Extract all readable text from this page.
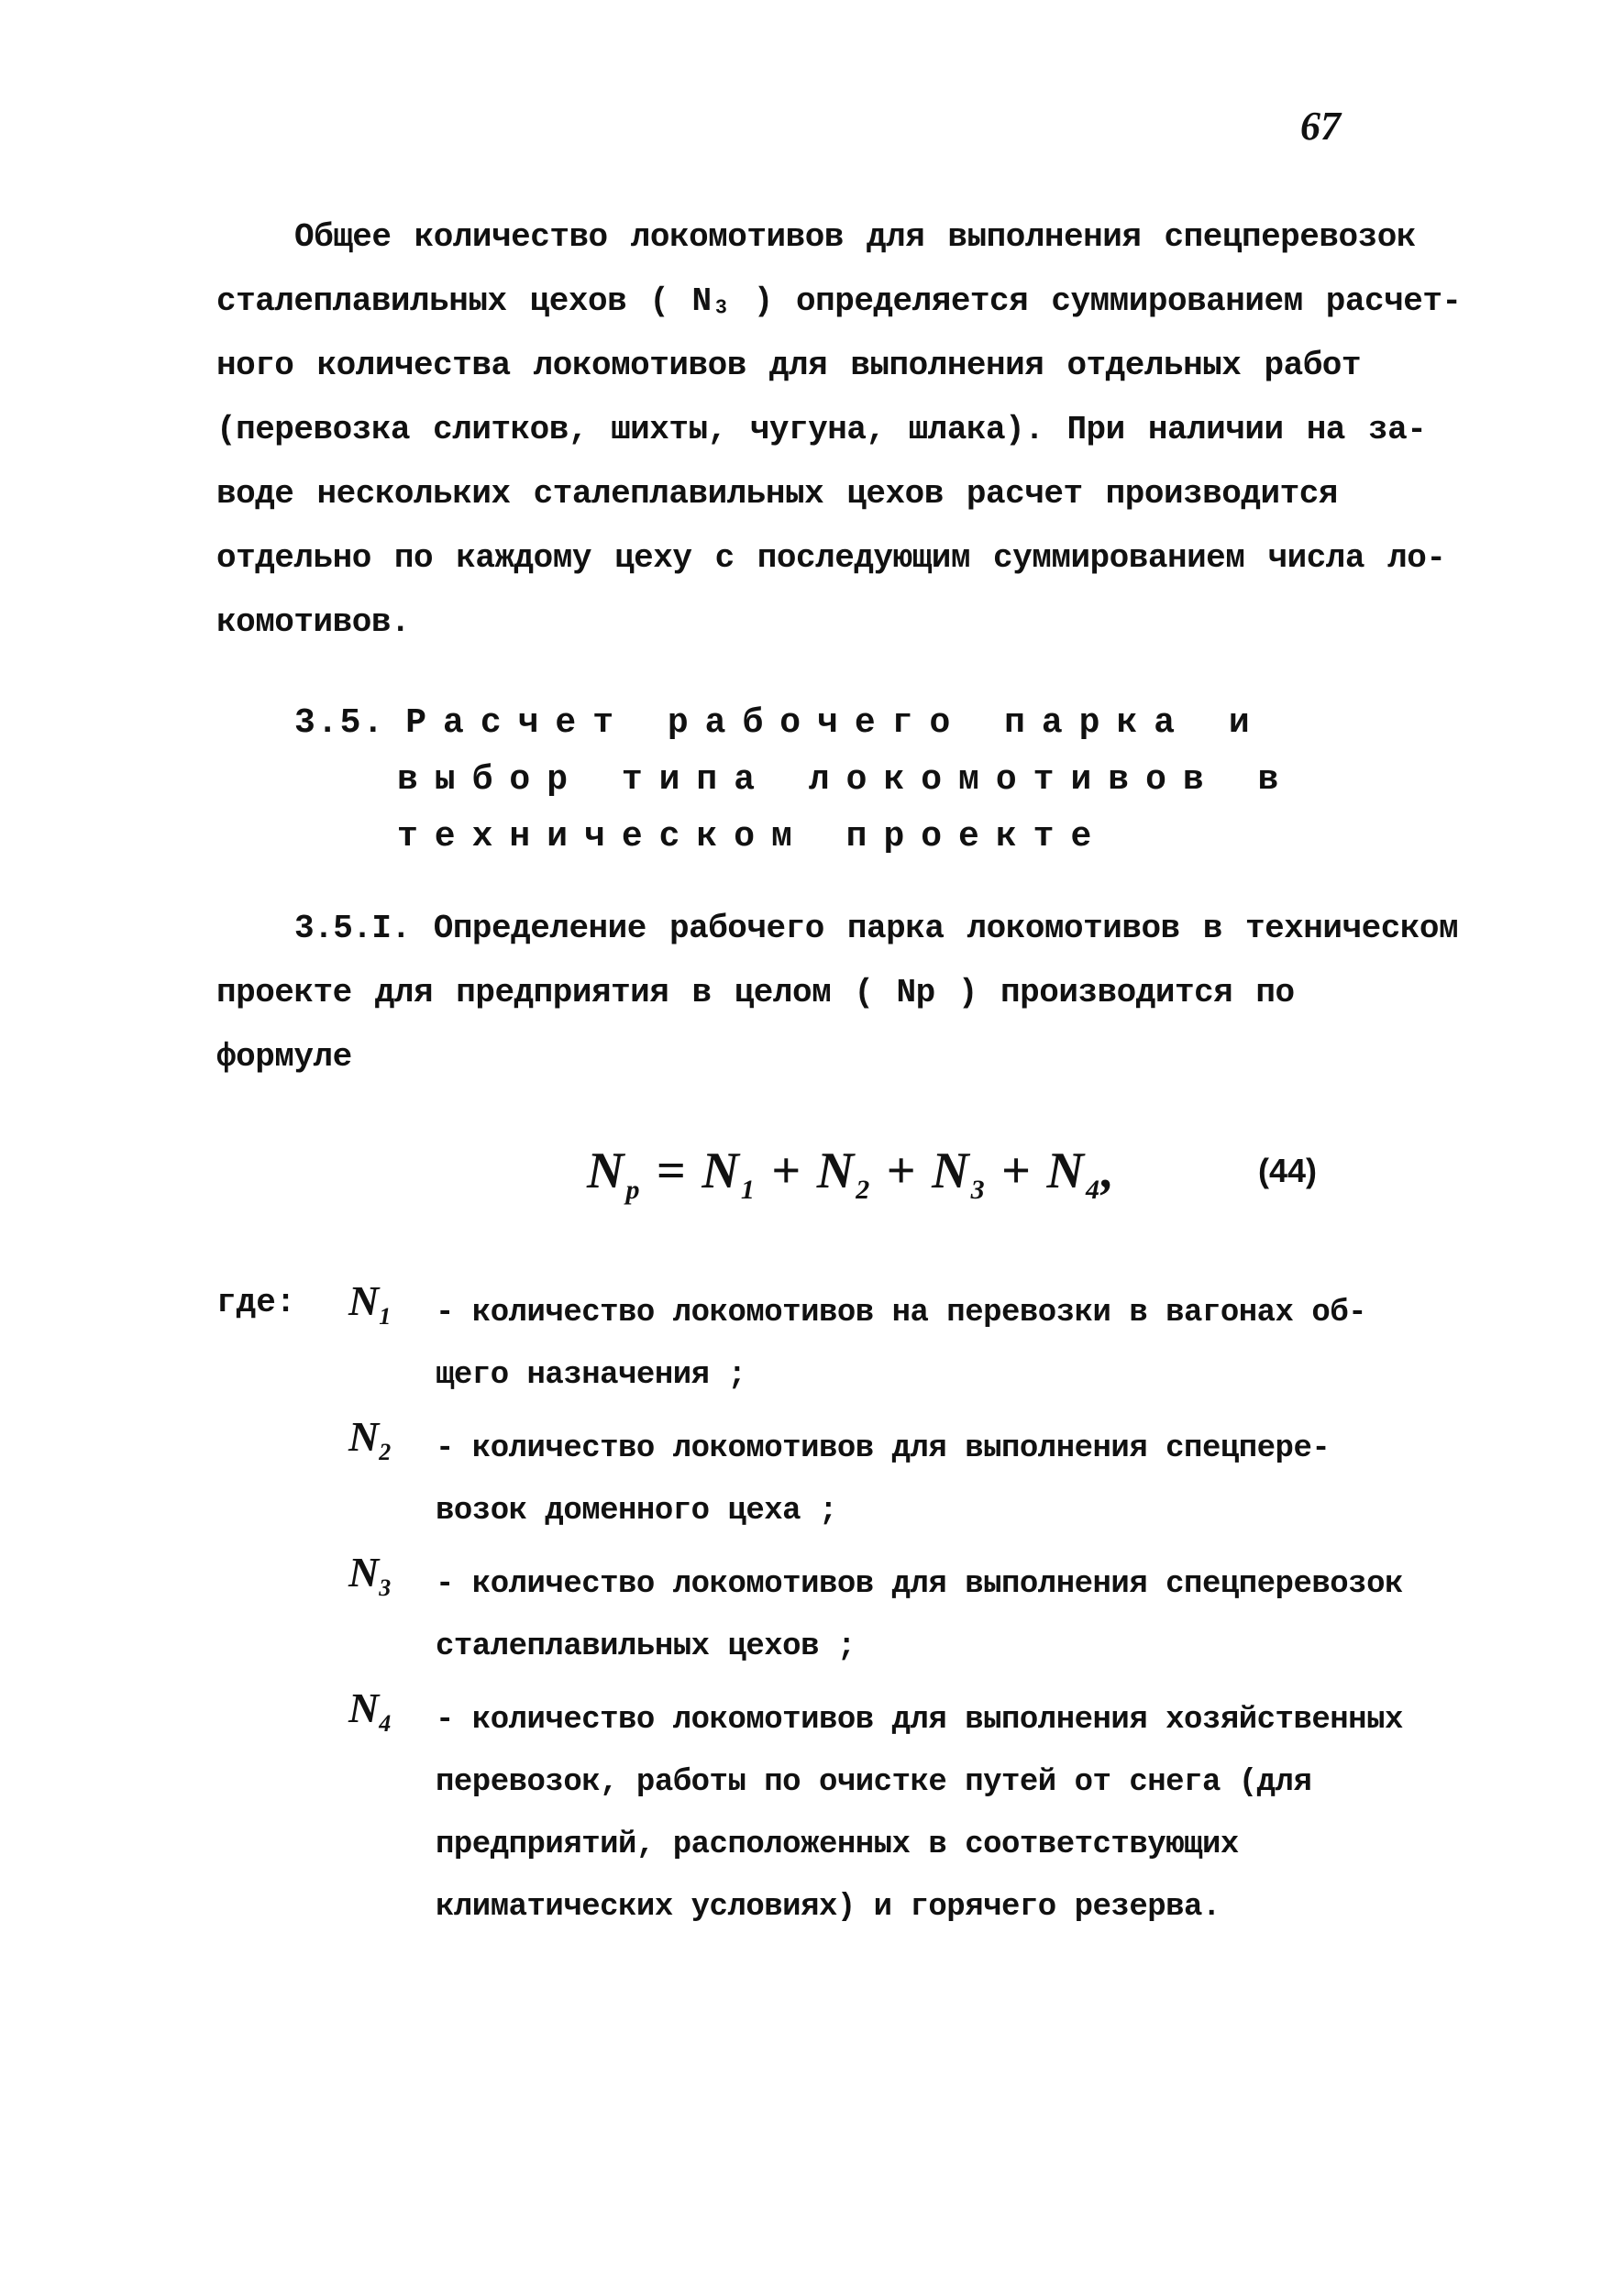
67
Общее количество локомотивов для выполнения спецперевозок
сталеплавильных цехов ( N₃ ) определяется суммированием расчет-
ного количества локомотивов для выполнения отдельных работ
(перевозка слитков, шихты, чугуна, шлака). При наличии на за-
воде нескольких сталеплавильных цехов расчет производится
отдельно по каждому цеху с последующим суммированием числа ло-
комотивов.
3.5. Расчет рабочего парка и
выбор типа локомотивов в
техническом проекте
3.5.I. Определение рабочего парка локомотивов в техническом
проекте для предприятия в целом ( Np ) производится по
формуле
$N_p = N_1 + N_2 + N_3 + N_4$,	(44)
где: $N_1$ - количество локомотивов на перевозки в вагонах об-
щего назначения ;
$N_2$ - количество локомотивов для выполнения спецпере-
возок доменного цеха ;
$N_3$ - количество локомотивов для выполнения спецперевозок
сталеплавильных цехов ;
$N_4$ - количество локомотивов для выполнения хозяйственных
перевозок, работы по очистке путей от снега (для
предприятий, расположенных в соответствующих
климатических условиях) и горячего резерва.
